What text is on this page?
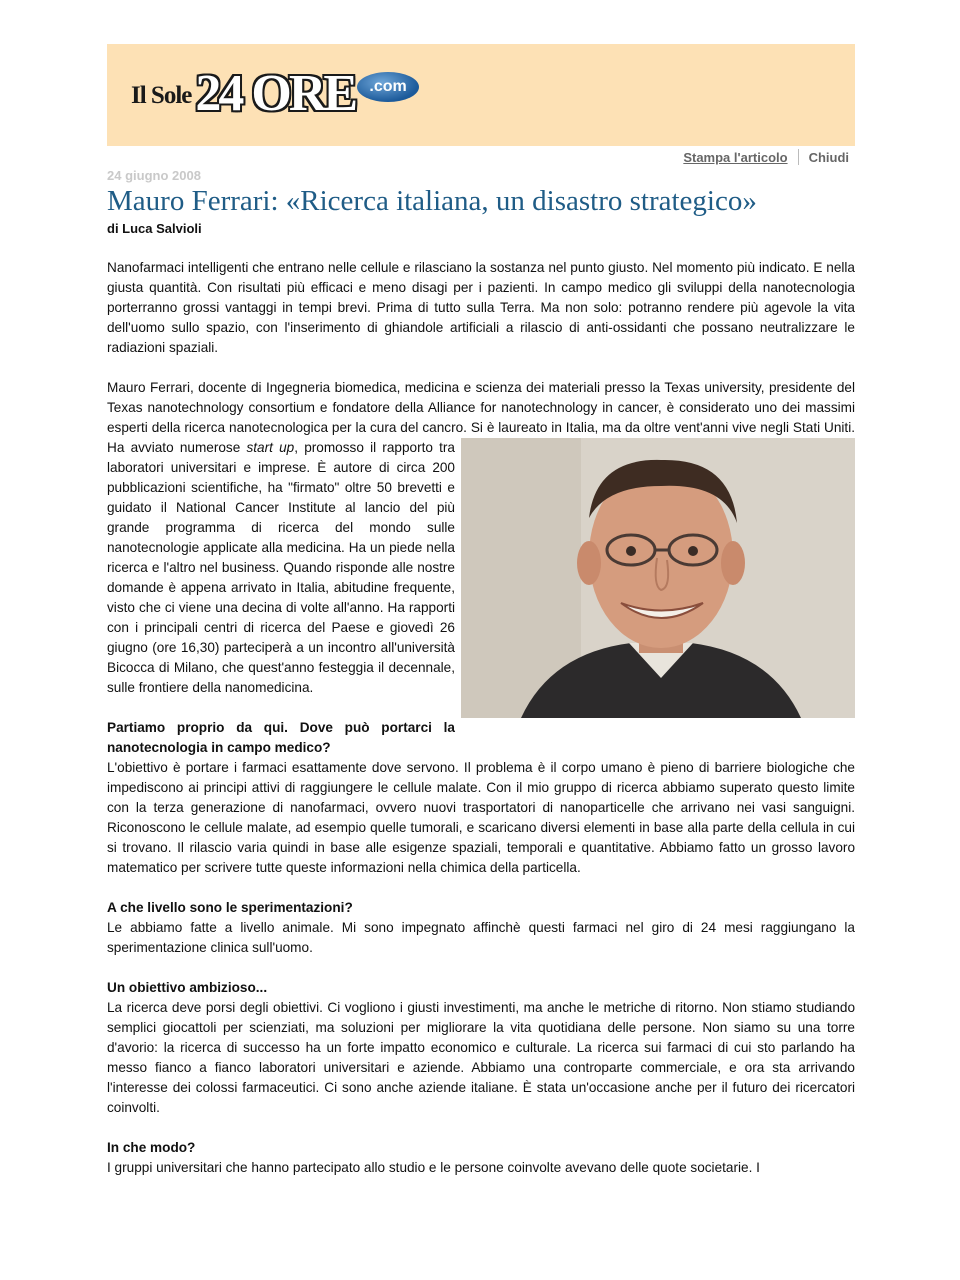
Il Sole 24 ORE .com
Stampa l'articolo Chiudi
24 giugno 2008
Mauro Ferrari: «Ricerca italiana, un disastro strategico»
di Luca Salvioli

Nanofarmaci intelligenti che entrano nelle cellule e rilasciano la sostanza nel punto giusto. Nel momento più indicato. E nella giusta quantità. Con risultati più efficaci e meno disagi per i pazienti. In campo medico gli sviluppi della nanotecnologia porterranno grossi vantaggi in tempi brevi. Prima di tutto sulla Terra. Ma non solo: potranno rendere più agevole la vita dell'uomo sullo spazio, con l'inserimento di ghiandole artificiali a rilascio di anti-ossidanti che possano neutralizzare le radiazioni spaziali.

Mauro Ferrari, docente di Ingegneria biomedica, medicina e scienza dei materiali presso la Texas university, presidente del Texas nanotechnology consortium e fondatore della Alliance for nanotechnology in cancer, è considerato uno dei massimi esperti della ricerca nanotecnologica per la cura del cancro. Si è laureato in Italia, ma da oltre vent'anni vive negli Stati Uniti. Ha avviato numerose
start up, promosso il rapporto tra laboratori universitari e imprese. È autore di circa 200 pubblicazioni scientifiche, ha "firmato" oltre 50 brevetti e guidato il National Cancer Institute al lancio del più grande programma di ricerca del mondo sulle nanotecnologie applicate alla medicina. Ha un piede nella ricerca e l'altro nel business. Quando risponde alle nostre domande è appena arrivato in Italia, abitudine frequente, visto che ci viene una decina di volte all'anno. Ha rapporti con i principali centri di ricerca del Paese e giovedì 26 giugno (ore 16,30) parteciperà a un incontro all'università Bicocca di Milano, che quest'anno festeggia il decennale, sulle frontiere della nanomedicina.

Partiamo proprio da qui. Dove può portarci la nanotecnologia in campo medico?

L'obiettivo è portare i farmaci esattamente dove servono. Il problema è il corpo umano è pieno di barriere biologiche che impediscono ai principi attivi di raggiungere le cellule malate. Con il mio gruppo di ricerca abbiamo superato questo limite con la terza generazione di nanofarmaci, ovvero nuovi trasportatori di nanoparticelle che arrivano nei vasi sanguigni. Riconoscono le cellule malate, ad esempio quelle tumorali, e scaricano diversi elementi in base alla parte della cellula in cui si trovano. Il rilascio varia quindi in base alle esigenze spaziali, temporali e quantitative. Abbiamo fatto un grosso lavoro matematico per scrivere tutte queste informazioni nella chimica della particella.

A che livello sono le sperimentazioni?

Le abbiamo fatte a livello animale. Mi sono impegnato affinchè questi farmaci nel giro di 24 mesi raggiungano la sperimentazione clinica sull'uomo.

Un obiettivo ambizioso...

La ricerca deve porsi degli obiettivi. Ci vogliono i giusti investimenti, ma anche le metriche di ritorno. Non stiamo studiando semplici giocattoli per scienziati, ma soluzioni per migliorare la vita quotidiana delle persone. Non siamo su una torre d'avorio: la ricerca di successo ha un forte impatto economico e culturale. La ricerca sui farmaci di cui sto parlando ha messo fianco a fianco laboratori universitari e aziende. Abbiamo una controparte commerciale, e ora sta arrivando l'interesse dei colossi farmaceutici. Ci sono anche aziende italiane. È stata un'occasione anche per il futuro dei ricercatori coinvolti.

In che modo?

I gruppi universitari che hanno partecipato allo studio e le persone coinvolte avevano delle quote societarie. I
